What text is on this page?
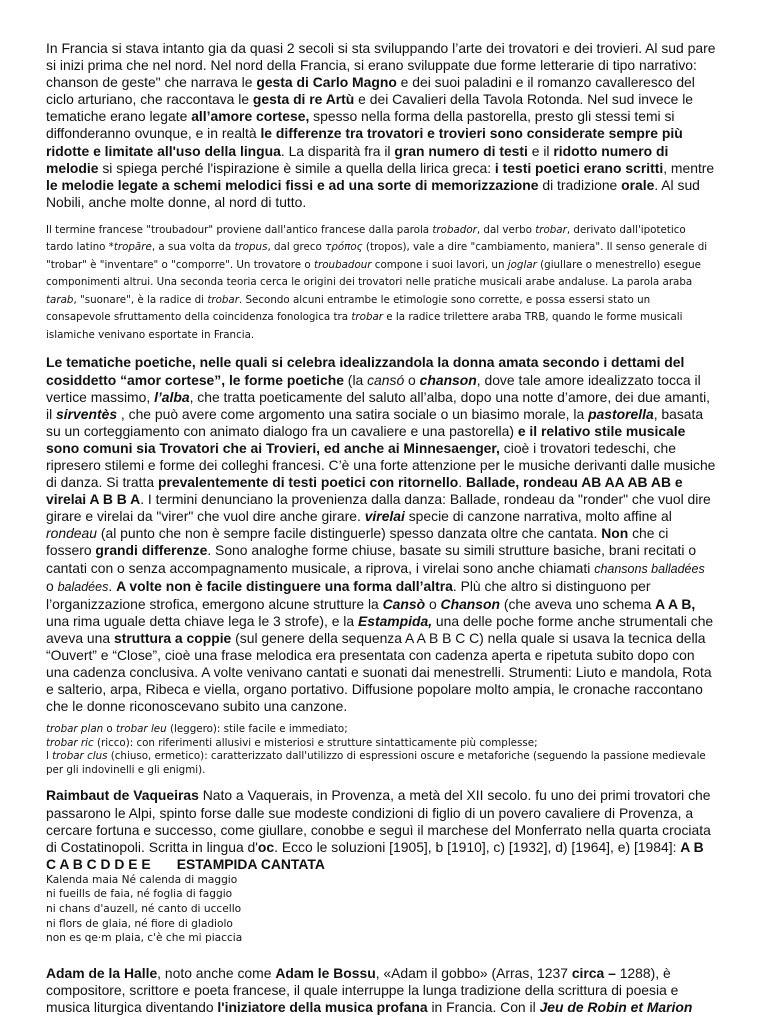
In Francia si stava intanto gia da quasi 2 secoli si sta sviluppando l’arte dei trovatori e dei trovieri. Al sud pare si inizi prima che nel nord. Nel nord della Francia, si erano sviluppate due forme letterarie di tipo narrativo: chanson de geste" che narrava le gesta di Carlo Magno e dei suoi paladini e il romanzo cavalleresco del ciclo arturiano, che raccontava le gesta di re Artù e dei Cavalieri della Tavola Rotonda. Nel sud invece le tematiche erano legate all’amore cortese, spesso nella forma della pastorella, presto gli stessi temi si diffonderanno ovunque, e in realtà le differenze tra trovatori e trovieri sono considerate sempre più ridotte e limitate all'uso della lingua. La disparità fra il gran numero di testi e il ridotto numero di melodie si spiega perché l'ispirazione è simile a quella della lirica greca: i testi poetici erano scritti, mentre le melodie legate a schemi melodici fissi e ad una sorte di memorizzazione di tradizione orale. Al sud Nobili, anche molte donne, al nord di tutto.

Il termine francese "troubadour" proviene dall'antico francese dalla parola trobador, dal verbo trobar, derivato dall'ipotetico tardo latino *tropāre, a sua volta da tropus, dal greco τρόπος (tropos), vale a dire "cambiamento, maniera". Il senso generale di "trobar" è "inventare" o "comporre". Un trovatore o troubadour compone i suoi lavori, un joglar (giullare o menestrello) esegue componimenti altrui. Una seconda teoria cerca le origini dei trovatori nelle pratiche musicali arabe andaluse. La parola araba tarab, "suonare", è la radice di trobar. Secondo alcuni entrambe le etimologie sono corrette, e possa essersi stato un consapevole sfruttamento della coincidenza fonologica tra trobar e la radice trilettere araba TRB, quando le forme musicali islamiche venivano esportate in Francia.

Le tematiche poetiche, nelle quali si celebra idealizzandola la donna amata secondo i dettami del cosiddetto “amor cortese”, le forme poetiche (la cansó o chanson, dove tale amore idealizzato tocca il vertice massimo, l’alba, che tratta poeticamente del saluto all’alba, dopo una notte d’amore, dei due amanti, il sirventès , che può avere come argomento una satira sociale o un biasimo morale, la pastorella, basata su un corteggiamento con animato dialogo fra un cavaliere e una pastorella) e il relativo stile musicale sono comuni sia Trovatori che ai Trovieri, ed anche ai Minnesaenger, cioè i trovatori tedeschi, che ripresero stilemi e forme dei colleghi francesi. C’è una forte attenzione per le musiche derivanti dalle musiche di danza. Si tratta prevalentemente di testi poetici con ritornello. Ballade, rondeau AB AA AB AB e virelai A B B A. I termini denunciano la provenienza dalla danza: Ballade, rondeau da "ronder" che vuol dire girare e virelai da "virer" che vuol dire anche girare. virelai specie di canzone narrativa, molto affine al rondeau (al punto che non è sempre facile distinguerle) spesso danzata oltre che cantata. Non che ci fossero grandi differenze. Sono analoghe forme chiuse, basate su simili strutture basiche, brani recitati o cantati con o senza accompagnamento musicale, a riprova, i virelai sono anche chiamati chansons balladées o baladées. A volte non è facile distinguere una forma dall’altra. Plù che altro si distinguono per l’organizzazione strofica, emergono alcune strutture la Cansò o Chanson (che aveva uno schema A A B, una rima uguale detta chiave lega le 3 strofe), e la Estampida, una delle poche forme anche strumentali che aveva una struttura a coppie (sul genere della sequenza A A B B C C) nella quale si usava la tecnica della “Ouvert” e “Close”, cioè una frase melodica era presentata con cadenza aperta e ripetuta subito dopo con una cadenza conclusiva. A volte venivano cantati e suonati dai menestrelli. Strumenti: Liuto e mandola, Rota e salterio, arpa, Ribeca e viella, organo portativo. Diffusione popolare molto ampia, le cronache raccontano che le donne riconoscevano subito una canzone.

trobar plan o trobar leu (leggero): stile facile e immediato;

trobar ric (ricco): con riferimenti allusivi e misteriosi e strutture sintatticamente più complesse;

l trobar clus (chiuso, ermetico): caratterizzato dall'utilizzo di espressioni oscure e metaforiche (seguendo la passione medievale per gli indovinelli e gli enigmi).

Raimbaut de Vaqueiras Nato a Vaquerais, in Provenza, a metà del XII secolo. fu uno dei primi trovatori che passarono le Alpi, spinto forse dalle sue modeste condizioni di figlio di un povero cavaliere di Provenza, a cercare fortuna e successo, come giullare, conobbe e seguì il marchese del Monferrato nella quarta crociata di Costatinopoli. Scritta in lingua d'oc. Ecco le soluzioni [1905], b [1910], c) [1932], d) [1964], e) [1984]: A B C A B C D D E E ESTAMPIDA CANTATA

Kalenda maia Né calenda di maggio
ni fueills de faia, né foglia di faggio
ni chans d'auzell, né canto di uccello
ni flors de glaia, né fiore di gladiolo
non es qe·m plaia, c'è che mi piaccia

Adam de la Halle, noto anche come Adam le Bossu, «Adam il gobbo» (Arras, 1237 circa – 1288), è compositore, scrittore e poeta francese, il quale interruppe la lunga tradizione della scrittura di poesia e musica liturgica diventando l'iniziatore della musica profana in Francia. Con il Jeu de Robin et Marion
